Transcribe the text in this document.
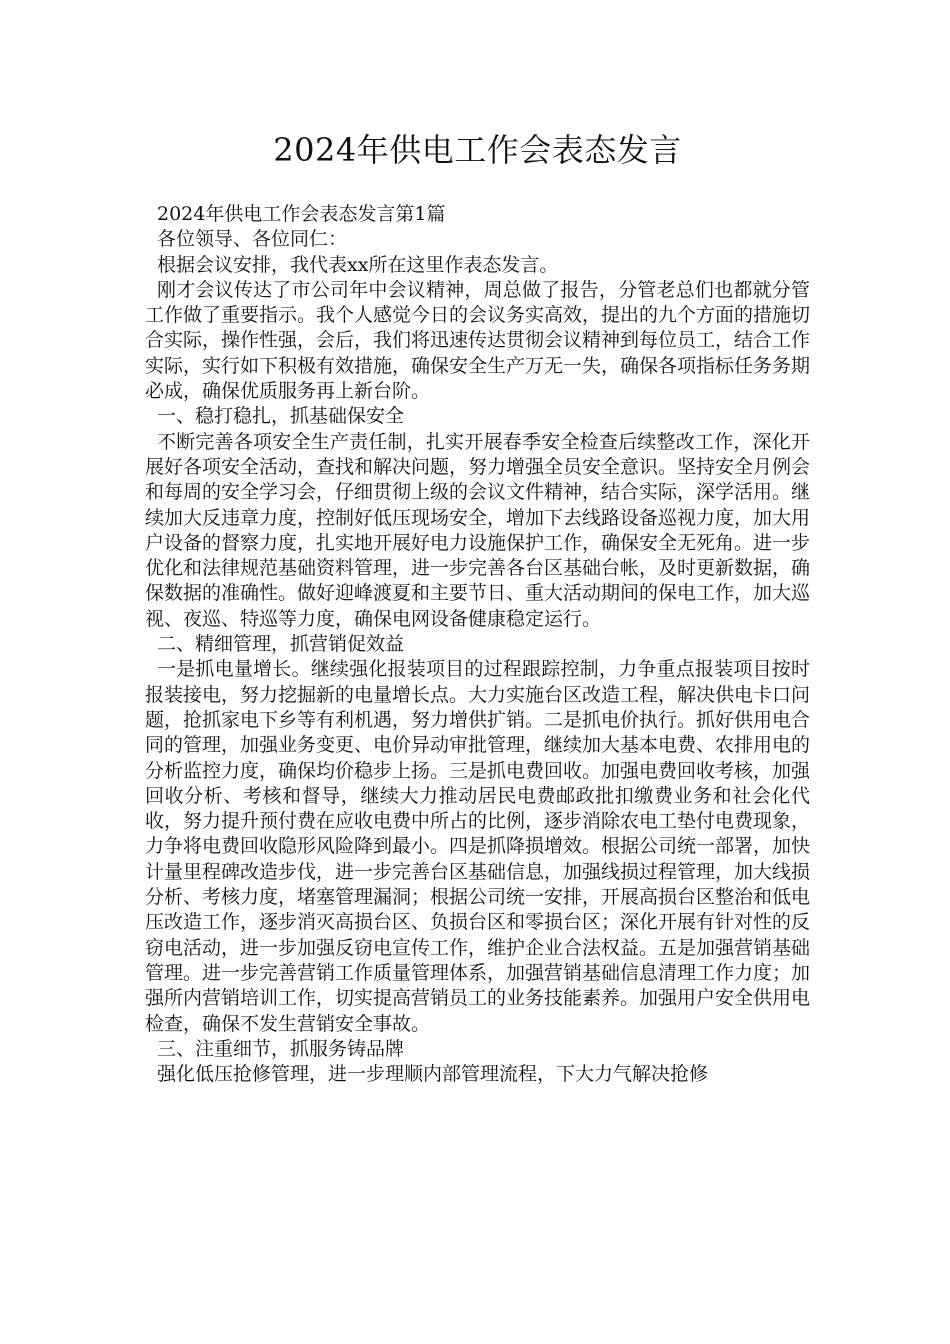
2024年供电工作会表态发言

2024年供电工作会表态发言第1篇

各位领导、各位同仁：

根据会议安排，我代表xx所在这里作表态发言。

刚才会议传达了市公司年中会议精神，周总做了报告，分管老总们也都就分管工作做了重要指示。我个人感觉今日的会议务实高效，提出的九个方面的措施切合实际，操作性强，会后，我们将迅速传达贯彻会议精神到每位员工，结合工作实际，实行如下积极有效措施，确保安全生产万无一失，确保各项指标任务务期必成，确保优质服务再上新台阶。

一、稳打稳扎，抓基础保安全

不断完善各项安全生产责任制，扎实开展春季安全检查后续整改工作，深化开展好各项安全活动，查找和解决问题，努力增强全员安全意识。坚持安全月例会和每周的安全学习会，仔细贯彻上级的会议文件精神，结合实际，深学活用。继续加大反违章力度，控制好低压现场安全，增加下去线路设备巡视力度，加大用户设备的督察力度，扎实地开展好电力设施保护工作，确保安全无死角。进一步优化和法律规范基础资料管理，进一步完善各台区基础台帐，及时更新数据，确保数据的准确性。做好迎峰渡夏和主要节日、重大活动期间的保电工作，加大巡视、夜巡、特巡等力度，确保电网设备健康稳定运行。

二、精细管理，抓营销促效益

一是抓电量增长。继续强化报装项目的过程跟踪控制，力争重点报装项目按时报装接电，努力挖掘新的电量增长点。大力实施台区改造工程，解决供电卡口问题，抢抓家电下乡等有利机遇，努力增供扩销。二是抓电价执行。抓好供用电合同的管理，加强业务变更、电价异动审批管理，继续加大基本电费、农排用电的分析监控力度，确保均价稳步上扬。三是抓电费回收。加强电费回收考核，加强回收分析、考核和督导，继续大力推动居民电费邮政批扣缴费业务和社会化代收，努力提升预付费在应收电费中所占的比例，逐步消除农电工垫付电费现象，力争将电费回收隐形风险降到最小。四是抓降损增效。根据公司统一部署，加快计量里程碑改造步伐，进一步完善台区基础信息，加强线损过程管理，加大线损分析、考核力度，堵塞管理漏洞；根据公司统一安排，开展高损台区整治和低电压改造工作，逐步消灭高损台区、负损台区和零损台区；深化开展有针对性的反窃电活动，进一步加强反窃电宣传工作，维护企业合法权益。五是加强营销基础管理。进一步完善营销工作质量管理体系，加强营销基础信息清理工作力度；加强所内营销培训工作，切实提高营销员工的业务技能素养。加强用户安全供用电检查，确保不发生营销安全事故。

三、注重细节，抓服务铸品牌

强化低压抢修管理，进一步理顺内部管理流程，下大力气解决抢修
